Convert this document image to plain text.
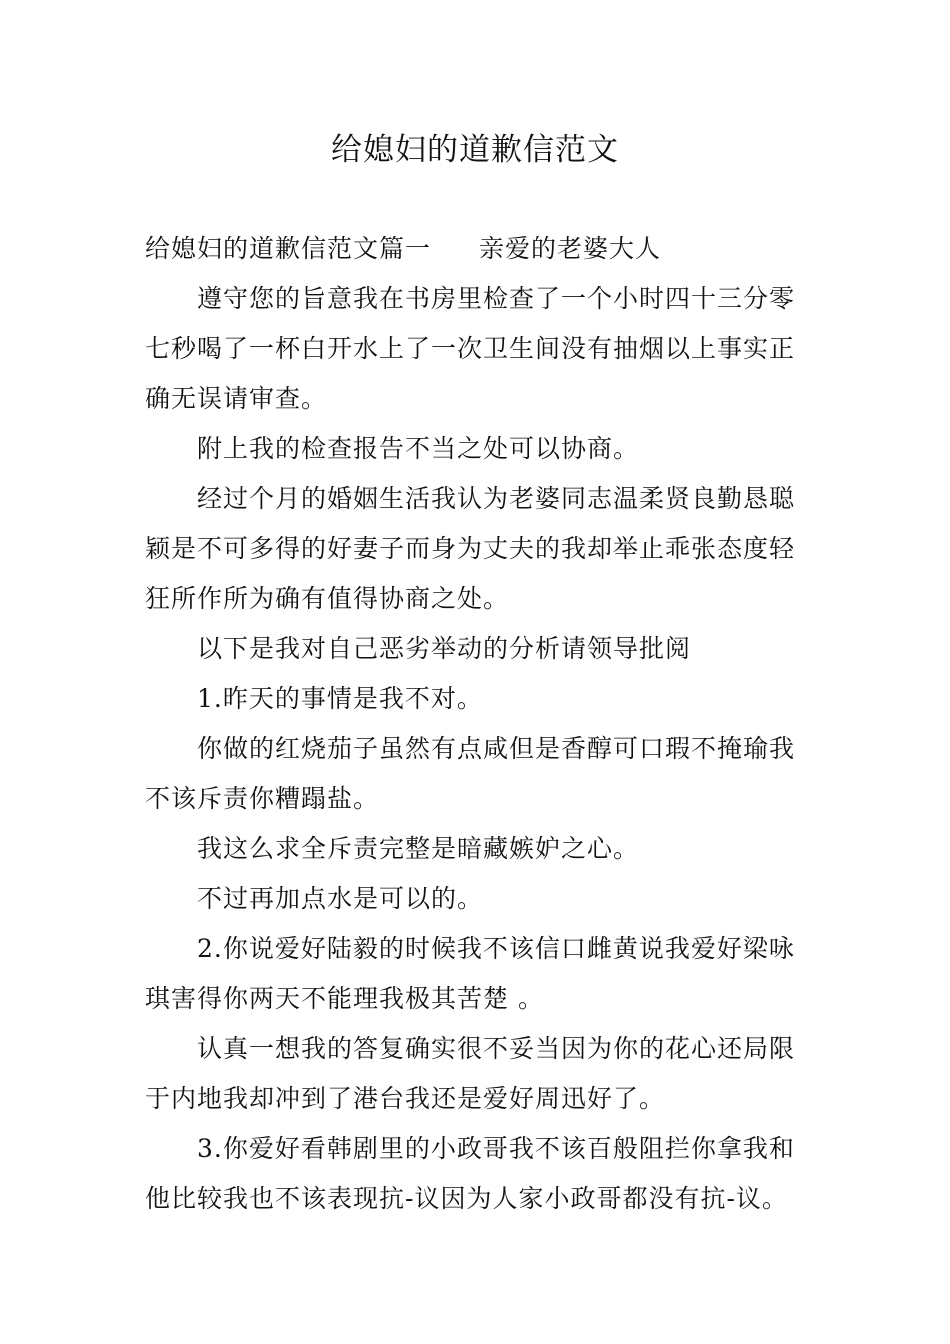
给媳妇的道歉信范文

给媳妇的道歉信范文篇一 亲爱的老婆大人

遵守您的旨意我在书房里检查了一个小时四十三分零七秒喝了一杯白开水上了一次卫生间没有抽烟以上事实正确无误请审查。

附上我的检查报告不当之处可以协商。

经过个月的婚姻生活我认为老婆同志温柔贤良勤恳聪颖是不可多得的好妻子而身为丈夫的我却举止乖张态度轻狂所作所为确有值得协商之处。

以下是我对自己恶劣举动的分析请领导批阅

1.昨天的事情是我不对。

你做的红烧茄子虽然有点咸但是香醇可口瑕不掩瑜我不该斥责你糟蹋盐。

我这么求全斥责完整是暗藏嫉妒之心。

不过再加点水是可以的。

2.你说爱好陆毅的时候我不该信口雌黄说我爱好梁咏琪害得你两天不能理我极其苦楚 。

认真一想我的答复确实很不妥当因为你的花心还局限于内地我却冲到了港台我还是爱好周迅好了。

3.你爱好看韩剧里的小政哥我不该百般阻拦你拿我和他比较我也不该表现抗-议因为人家小政哥都没有抗-议。
